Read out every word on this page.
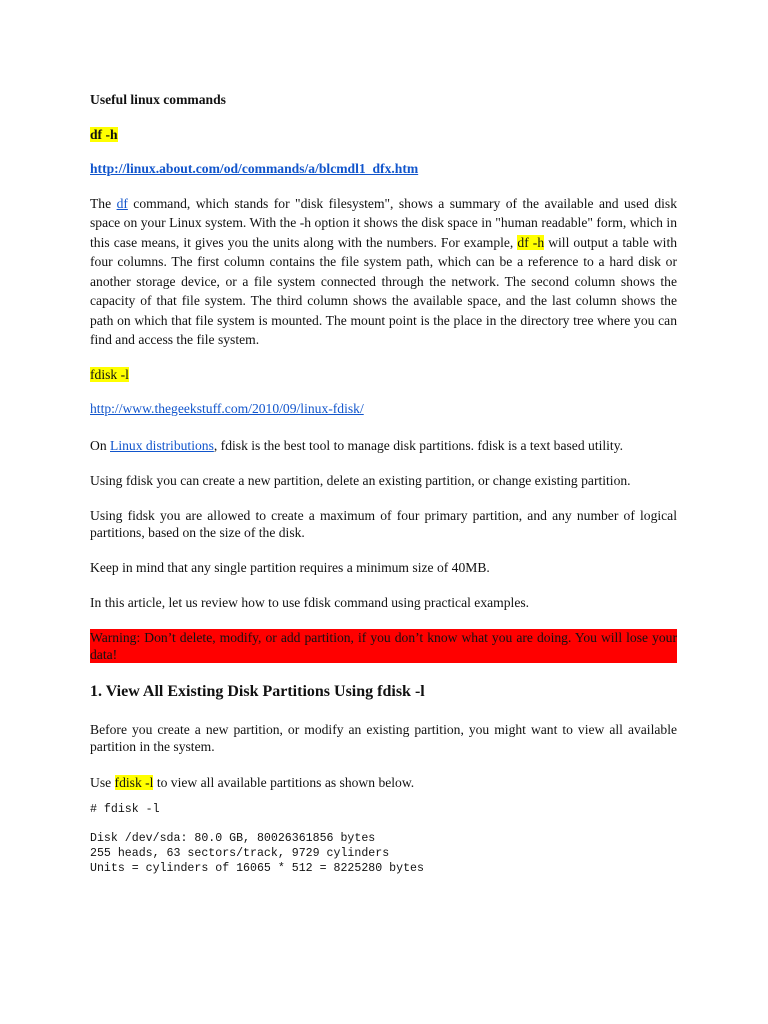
Useful linux commands

df -h

http://linux.about.com/od/commands/a/blcmdl1_dfx.htm

The df command, which stands for "disk filesystem", shows a summary of the available and used disk space on your Linux system. With the -h option it shows the disk space in "human readable" form, which in this case means, it gives you the units along with the numbers. For example, df -h will output a table with four columns. The first column contains the file system path, which can be a reference to a hard disk or another storage device, or a file system connected through the network. The second column shows the capacity of that file system. The third column shows the available space, and the last column shows the path on which that file system is mounted. The mount point is the place in the directory tree where you can find and access the file system.

fdisk -l

http://www.thegeekstuff.com/2010/09/linux-fdisk/

On Linux distributions, fdisk is the best tool to manage disk partitions. fdisk is a text based utility.

Using fdisk you can create a new partition, delete an existing partition, or change existing partition.

Using fidsk you are allowed to create a maximum of four primary partition, and any number of logical partitions, based on the size of the disk.

Keep in mind that any single partition requires a minimum size of 40MB.

In this article, let us review how to use fdisk command using practical examples.

Warning: Don’t delete, modify, or add partition, if you don’t know what you are doing. You will lose your data!

1. View All Existing Disk Partitions Using fdisk -l

Before you create a new partition, or modify an existing partition, you might want to view all available partition in the system.

Use fdisk -l to view all available partitions as shown below.

# fdisk -l
Disk /dev/sda: 80.0 GB, 80026361856 bytes
255 heads, 63 sectors/track, 9729 cylinders
Units = cylinders of 16065 * 512 = 8225280 bytes
